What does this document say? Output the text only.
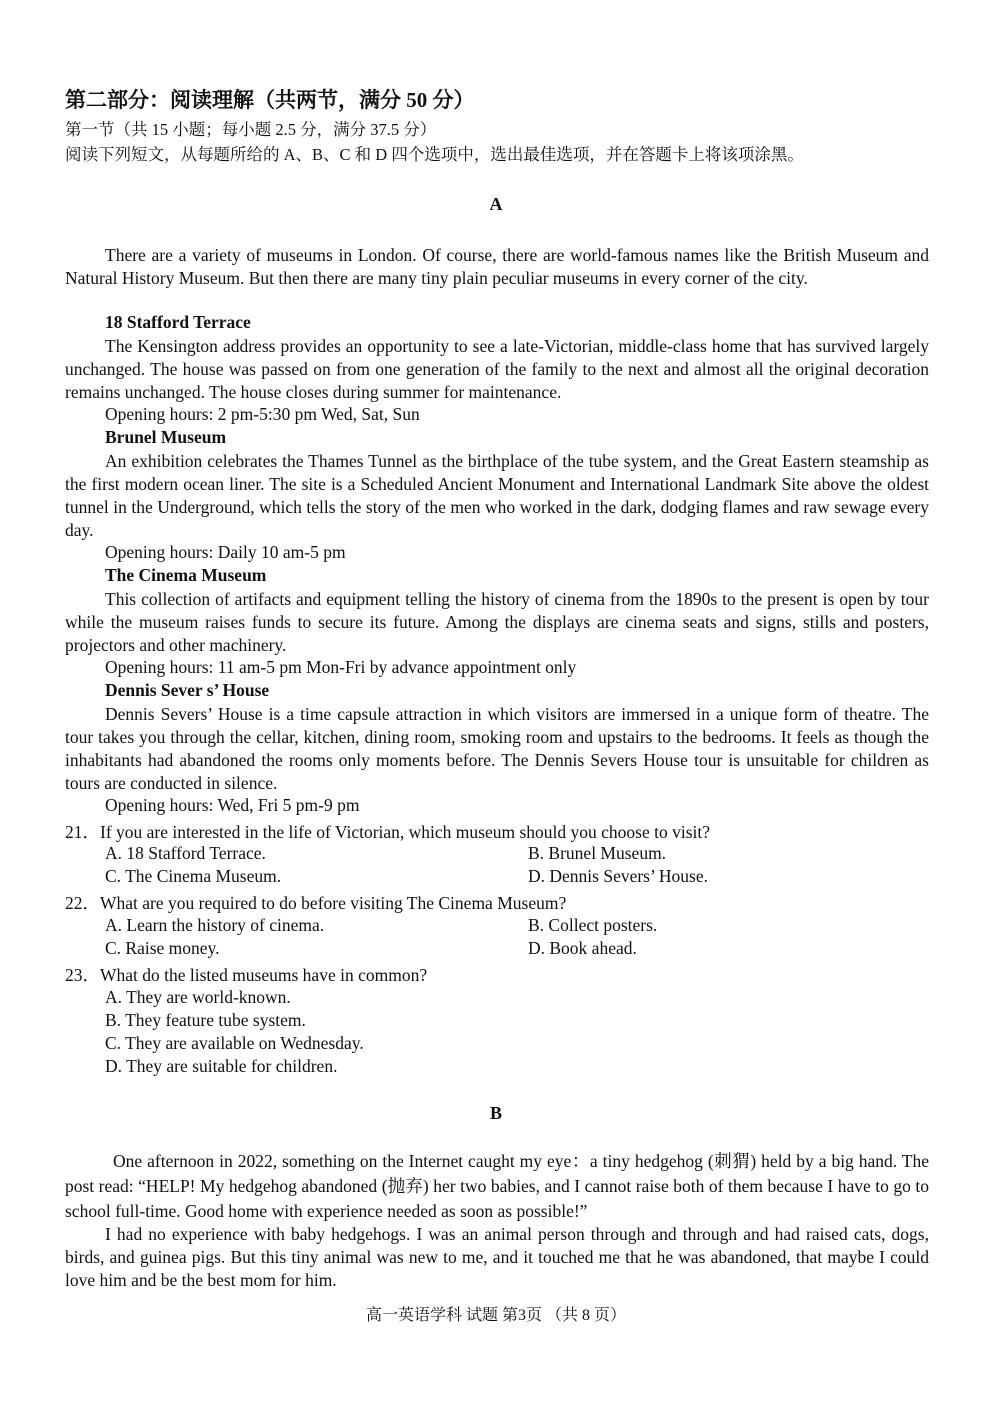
第二部分：阅读理解（共两节，满分 50 分）
第一节（共 15 小题；每小题 2.5 分，满分 37.5 分）
阅读下列短文，从每题所给的 A、B、C 和 D 四个选项中，选出最佳选项，并在答题卡上将该项涂黑。
A
There are a variety of museums in London. Of course, there are world-famous names like the British Museum and Natural History Museum. But then there are many tiny plain peculiar museums in every corner of the city.
18 Stafford Terrace
The Kensington address provides an opportunity to see a late-Victorian, middle-class home that has survived largely unchanged. The house was passed on from one generation of the family to the next and almost all the original decoration remains unchanged. The house closes during summer for maintenance.
Opening hours: 2 pm-5:30 pm Wed, Sat, Sun
Brunel Museum
An exhibition celebrates the Thames Tunnel as the birthplace of the tube system, and the Great Eastern steamship as the first modern ocean liner. The site is a Scheduled Ancient Monument and International Landmark Site above the oldest tunnel in the Underground, which tells the story of the men who worked in the dark, dodging flames and raw sewage every day.
Opening hours: Daily 10 am-5 pm
The Cinema Museum
This collection of artifacts and equipment telling the history of cinema from the 1890s to the present is open by tour while the museum raises funds to secure its future. Among the displays are cinema seats and signs, stills and posters, projectors and other machinery.
Opening hours: 11 am-5 pm Mon-Fri by advance appointment only
Dennis Sever s’ House
Dennis Severs’ House is a time capsule attraction in which visitors are immersed in a unique form of theatre. The tour takes you through the cellar, kitchen, dining room, smoking room and upstairs to the bedrooms. It feels as though the inhabitants had abandoned the rooms only moments before. The Dennis Severs House tour is unsuitable for children as tours are conducted in silence.
Opening hours: Wed, Fri 5 pm-9 pm
21．If you are interested in the life of Victorian, which museum should you choose to visit?
A. 18 Stafford Terrace.	B. Brunel Museum.
C. The Cinema Museum.	D. Dennis Severs’ House.
22．What are you required to do before visiting The Cinema Museum?
A. Learn the history of cinema.	B. Collect posters.
C. Raise money.	D. Book ahead.
23．What do the listed museums have in common?
A. They are world-known.
B. They feature tube system.
C. They are available on Wednesday.
D. They are suitable for children.
B
One afternoon in 2022, something on the Internet caught my eye：a tiny hedgehog (刺猬) held by a big hand. The post read: “HELP! My hedgehog abandoned (抛弃) her two babies, and I cannot raise both of them because I have to go to school full-time. Good home with experience needed as soon as possible!”
I had no experience with baby hedgehogs. I was an animal person through and through and had raised cats, dogs, birds, and guinea pigs. But this tiny animal was new to me, and it touched me that he was abandoned, that maybe I could love him and be the best mom for him.
高一英语学科 试题 第3页 （共 8 页）
